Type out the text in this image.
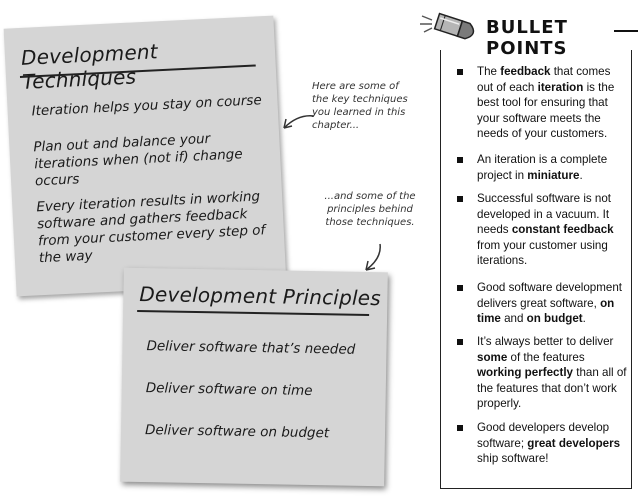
Development Techniques

Iteration helps you stay on course

Plan out and balance your iterations when (not if) change occurs

Every iteration results in working software and gathers feedback from your customer every step of the way

Here are some of the key techniques you learned in this chapter...

...and some of the principles behind those techniques.

Development Principles

Deliver software that’s needed

Deliver software on time

Deliver software on budget

BULLET POINTS
The feedback that comes out of each iteration is the best tool for ensuring that your software meets the needs of your customers.
An iteration is a complete project in miniature.
Successful software is not developed in a vacuum. It needs constant feedback from your customer using iterations.
Good software development delivers great software, on time and on budget.
It’s always better to deliver some of the features working perfectly than all of the features that don’t work properly.
Good developers develop software; great developers ship software!
